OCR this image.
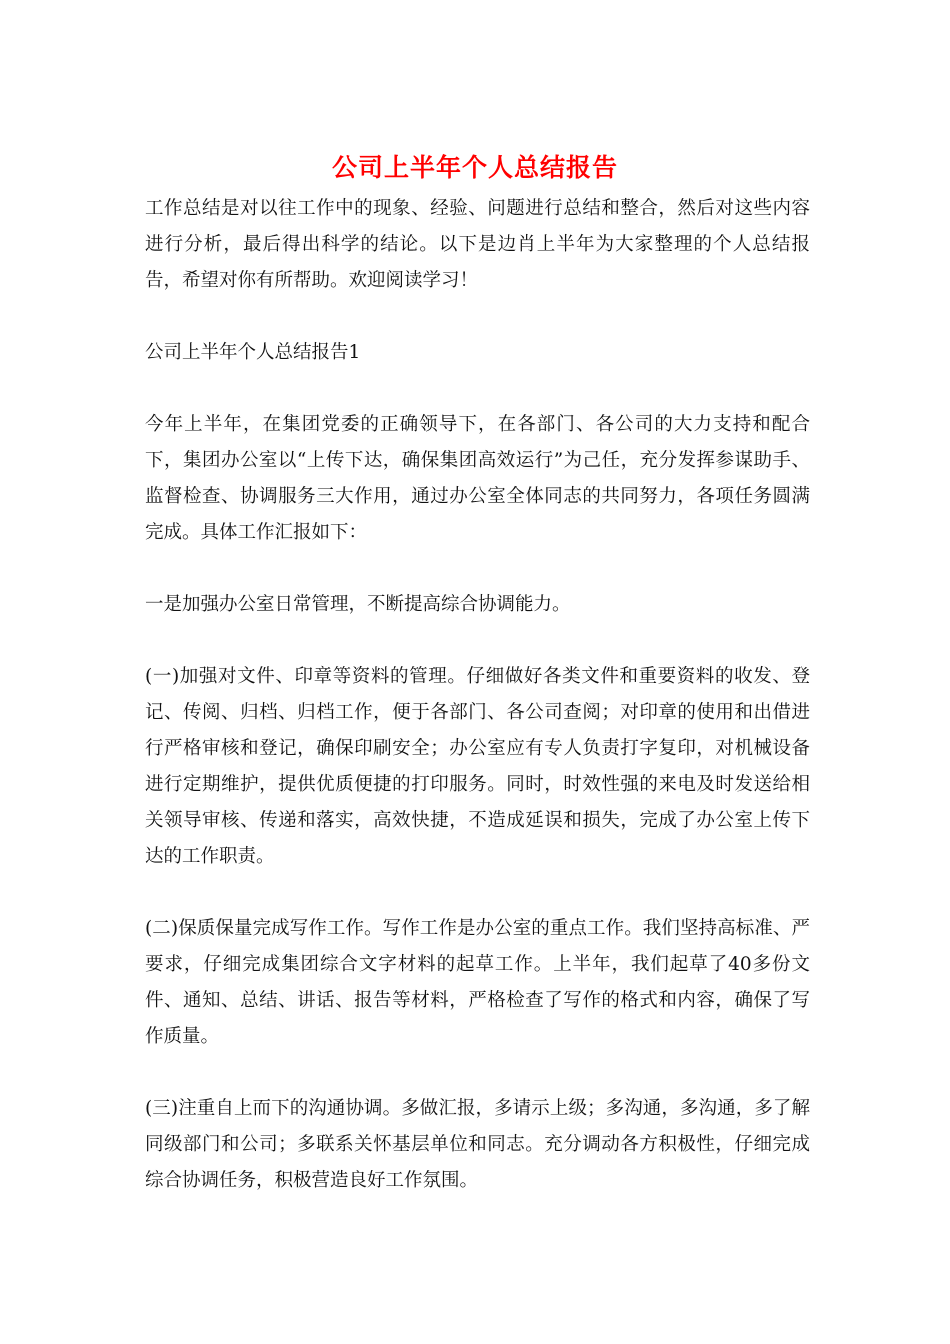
公司上半年个人总结报告

工作总结是对以往工作中的现象、经验、问题进行总结和整合，然后对这些内容进行分析，最后得出科学的结论。以下是边肖上半年为大家整理的个人总结报告，希望对你有所帮助。欢迎阅读学习！

公司上半年个人总结报告1

今年上半年，在集团党委的正确领导下，在各部门、各公司的大力支持和配合下，集团办公室以“上传下达，确保集团高效运行”为己任，充分发挥参谋助手、监督检查、协调服务三大作用，通过办公室全体同志的共同努力，各项任务圆满完成。具体工作汇报如下：

一是加强办公室日常管理，不断提高综合协调能力。

(一)加强对文件、印章等资料的管理。仔细做好各类文件和重要资料的收发、登记、传阅、归档、归档工作，便于各部门、各公司查阅；对印章的使用和出借进行严格审核和登记，确保印刷安全；办公室应有专人负责打字复印，对机械设备进行定期维护，提供优质便捷的打印服务。同时，时效性强的来电及时发送给相关领导审核、传递和落实，高效快捷，不造成延误和损失，完成了办公室上传下达的工作职责。

(二)保质保量完成写作工作。写作工作是办公室的重点工作。我们坚持高标准、严要求，仔细完成集团综合文字材料的起草工作。上半年，我们起草了40多份文件、通知、总结、讲话、报告等材料，严格检查了写作的格式和内容，确保了写作质量。

(三)注重自上而下的沟通协调。多做汇报，多请示上级；多沟通，多沟通，多了解同级部门和公司；多联系关怀基层单位和同志。充分调动各方积极性，仔细完成综合协调任务，积极营造良好工作氛围。
